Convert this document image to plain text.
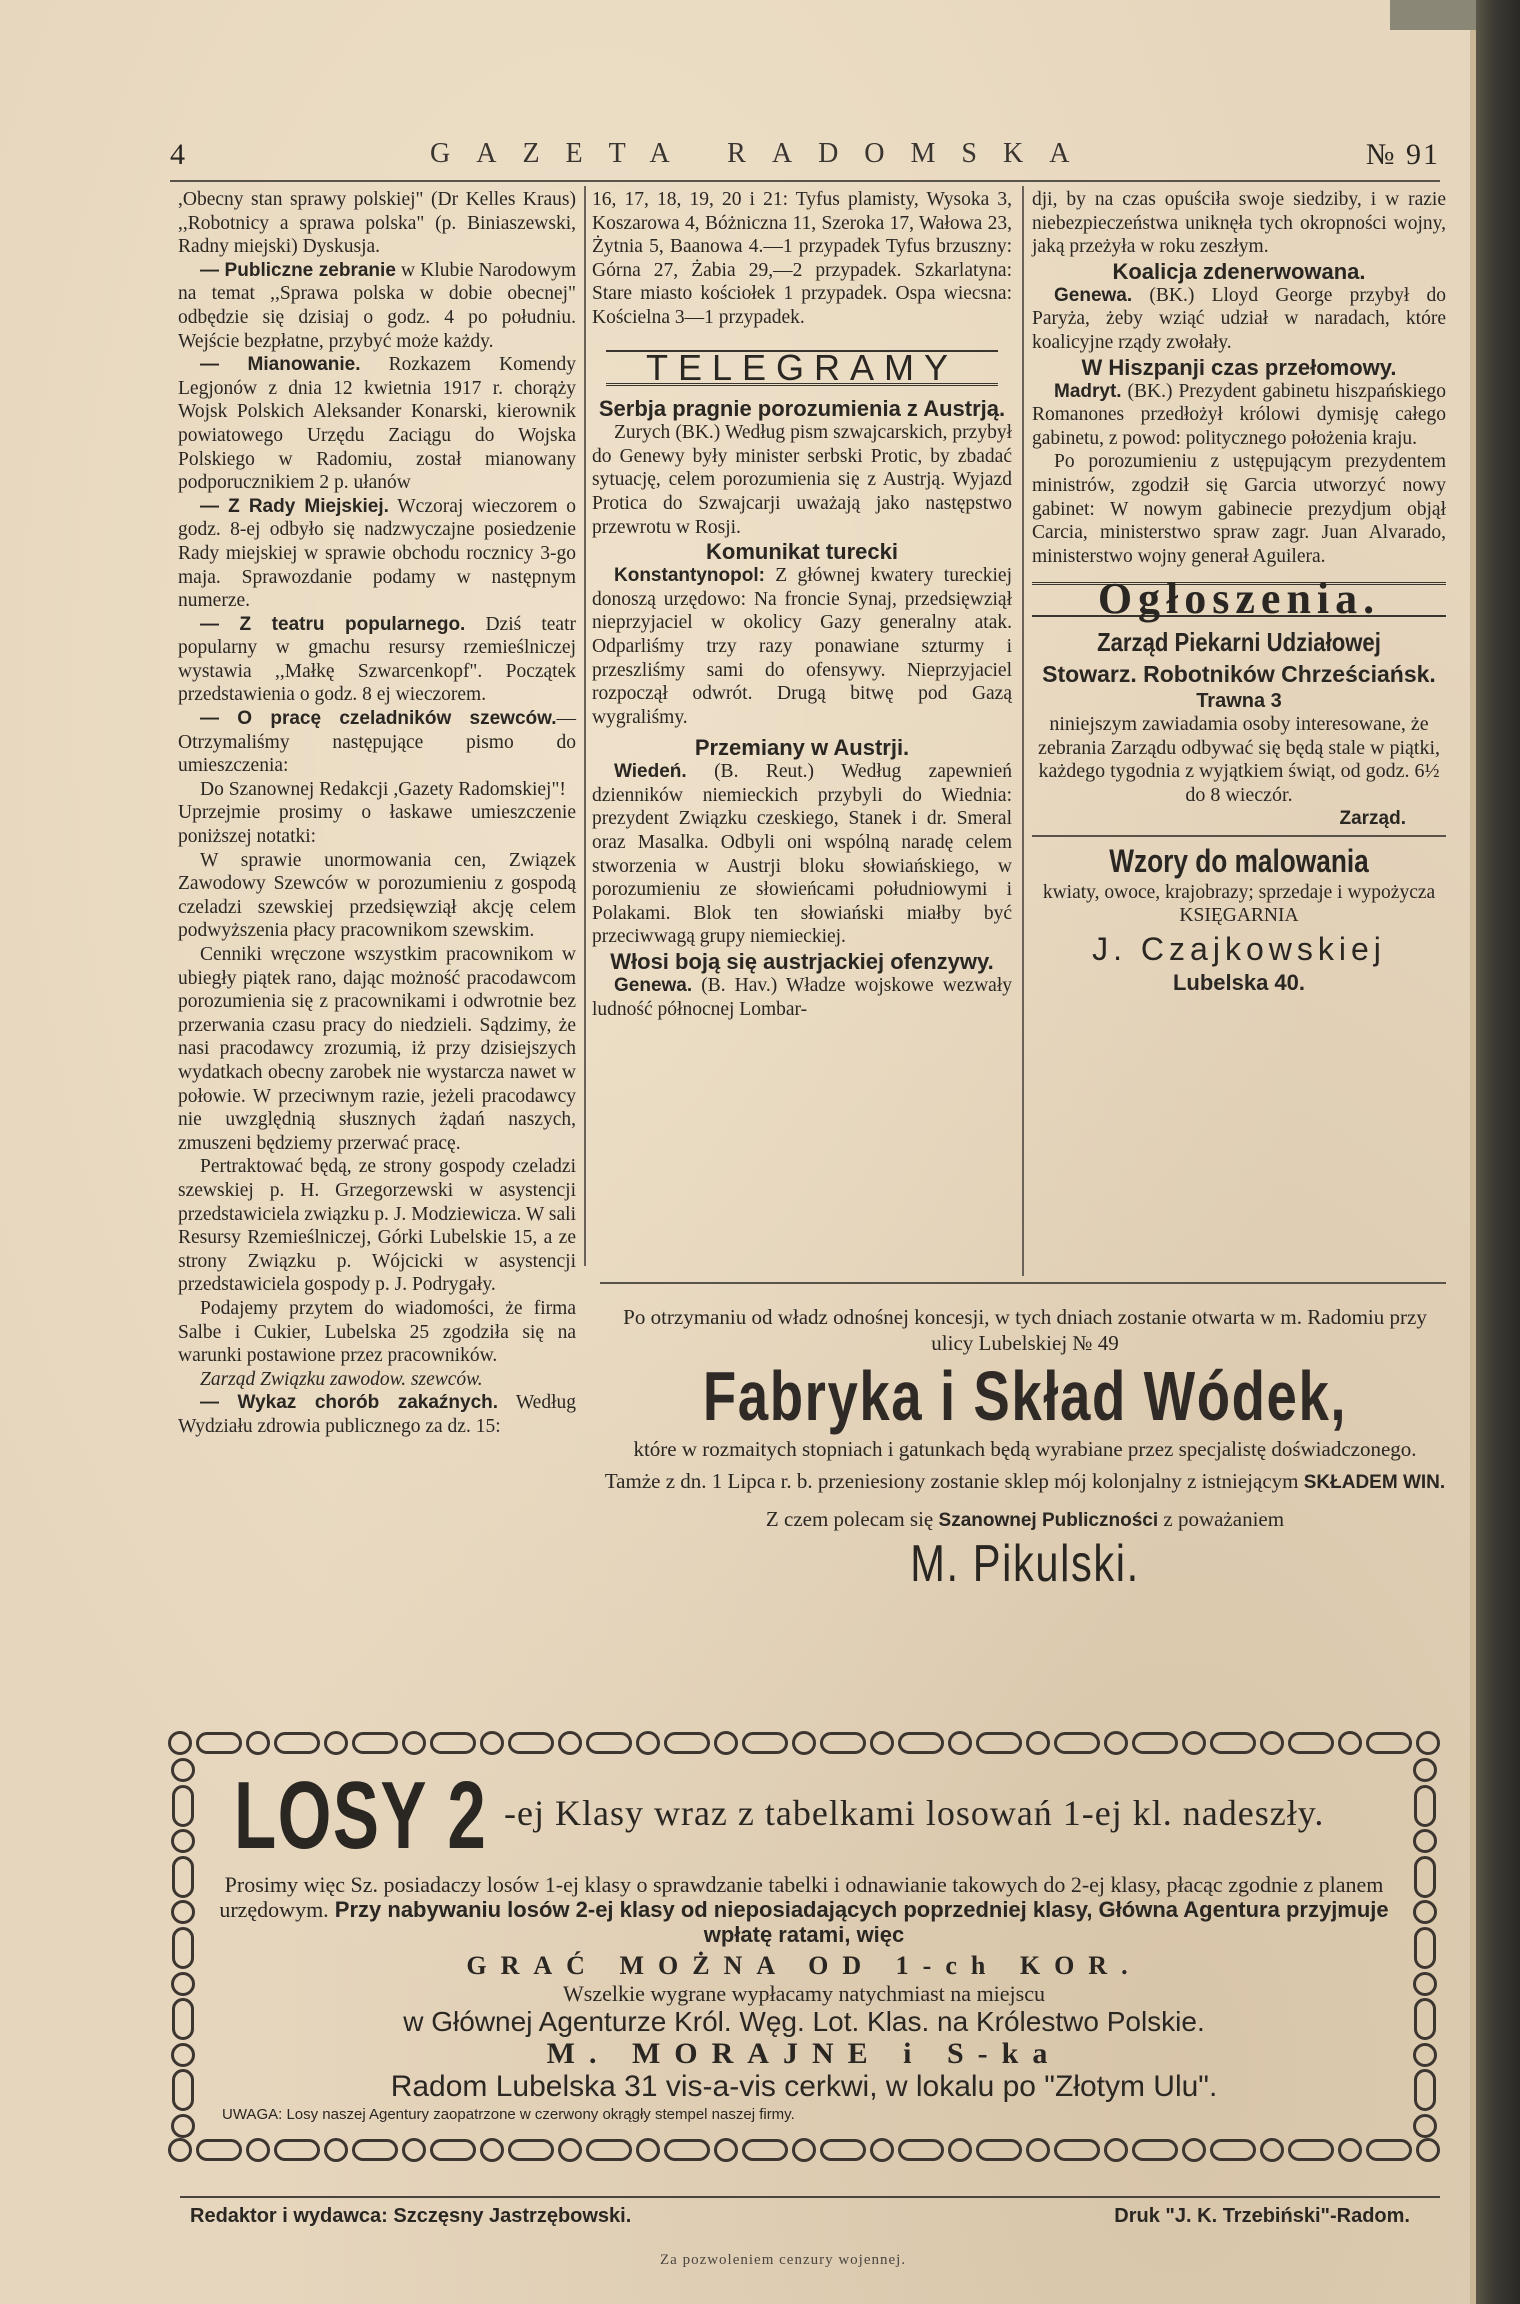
4	GAZETA RADOMSKA	№ 91

,Obecny stan sprawy polskiej" (Dr Kelles Kraus) ,,Robotnicy a sprawa polska" (p. Biniaszewski, Radny miejski) Dyskusja.

— Publiczne zebranie w Klubie Narodowym na temat ,,Sprawa polska w dobie obecnej" odbędzie się dzisiaj o godz. 4 po południu. Wejście bezpłatne, przybyć może każdy.

— Mianowanie. Rozkazem Komendy Legjonów z dnia 12 kwietnia 1917 r. chorąży Wojsk Polskich Aleksander Konarski, kierownik powiatowego Urzędu Zaciągu do Wojska Polskiego w Radomiu, został mianowany podporucznikiem 2 p. ułanów

— Z Rady Miejskiej. Wczoraj wieczorem o godz. 8-ej odbyło się nadzwyczajne posiedzenie Rady miejskiej w sprawie obchodu rocznicy 3-go maja. Sprawozdanie podamy w następnym numerze.

— Z teatru popularnego. Dziś teatr popularny w gmachu resursy rzemieślniczej wystawia ,,Małkę Szwarcenkopf". Początek przedstawienia o godz. 8 ej wieczorem.

— O pracę czeladników szewców.— Otrzymaliśmy następujące pismo do umieszczenia:

Do Szanownej Redakcji ,Gazety Radomskiej"!

Uprzejmie prosimy o łaskawe umieszczenie poniższej notatki:

W sprawie unormowania cen, Związek Zawodowy Szewców w porozumieniu z gospodą czeladzi szewskiej przedsięwziął akcję celem podwyższenia płacy pracownikom szewskim.

Cenniki wręczone wszystkim pracownikom w ubiegły piątek rano, dając możność pracodawcom porozumienia się z pracownikami i odwrotnie bez przerwania czasu pracy do niedzieli. Sądzimy, że nasi pracodawcy zrozumią, iż przy dzisiejszych wydatkach obecny zarobek nie wystarcza nawet w połowie. W przeciwnym razie, jeżeli pracodawcy nie uwzględnią słusznych żądań naszych, zmuszeni będziemy przerwać pracę.

Pertraktować będą, ze strony gospody czeladzi szewskiej p. H. Grzegorzewski w asystencji przedstawiciela związku p. J. Modziewicza. W sali Resursy Rzemieślniczej, Górki Lubelskie 15, a ze strony Związku p. Wójcicki w asystencji przedstawiciela gospody p. J. Podrygały.

Podajemy przytem do wiadomości, że firma Salbe i Cukier, Lubelska 25 zgodziła się na warunki postawione przez pracowników.

Zarząd Związku zawodow. szewców.

— Wykaz chorób zakaźnych. Według Wydziału zdrowia publicznego za dz. 15:

16, 17, 18, 19, 20 i 21: Tyfus plamisty, Wysoka 3, Koszarowa 4, Bóżniczna 11, Szeroka 17, Wałowa 23, Żytnia 5, Baanowa 4.—1 przypadek Tyfus brzuszny: Górna 27, Żabia 29,—2 przypadek. Szkarlatyna: Stare miasto kościołek 1 przypadek. Ospa wiecsna: Kościelna 3—1 przypadek.

TELEGRAMY
Serbja pragnie porozumienia z Austrją.

Zurych (BK.) Według pism szwajcarskich, przybył do Genewy były minister serbski Protic, by zbadać sytuację, celem porozumienia się z Austrją. Wyjazd Protica do Szwajcarji uważają jako następstwo przewrotu w Rosji.

Komunikat turecki

Konstantynopol: Z głównej kwatery tureckiej donoszą urzędowo: Na froncie Synaj, przedsięwziął nieprzyjaciel w okolicy Gazy generalny atak. Odparliśmy trzy razy ponawiane szturmy i przeszliśmy sami do ofensywy. Nieprzyjaciel rozpoczął odwrót. Drugą bitwę pod Gazą wygraliśmy.

Przemiany w Austrji.

Wiedeń. (B. Reut.) Według zapewnień dzienników niemieckich przybyli do Wiednia: prezydent Związku czeskiego, Stanek i dr. Smeral oraz Masalka. Odbyli oni wspólną naradę celem stworzenia w Austrji bloku słowiańskiego, w porozumieniu ze słowieńcami południowymi i Polakami. Blok ten słowiański miałby być przeciwwagą grupy niemieckiej.

Włosi boją się austrjackiej ofenzywy.

Genewa. (B. Hav.) Władze wojskowe wezwały ludność północnej Lombar-

dji, by na czas opuściła swoje siedziby, i w razie niebezpieczeństwa uniknęła tych okropności wojny, jaką przeżyła w roku zeszłym.

Koalicja zdenerwowana.

Genewa. (BK.) Lloyd George przybył do Paryża, żeby wziąć udział w naradach, które koalicyjne rządy zwołały.

W Hiszpanji czas przełomowy.

Madryt. (BK.) Prezydent gabinetu hiszpańskiego Romanones przedłożył królowi dymisję całego gabinetu, z powod: politycznego położenia kraju.

Po porozumieniu z ustępującym prezydentem ministrów, zgodził się Garcia utworzyć nowy gabinet: W nowym gabinecie prezydjum objął Carcia, ministerstwo spraw zagr. Juan Alvarado, ministerstwo wojny generał Aguilera.

Ogłoszenia.
Zarząd Piekarni Udziałowej
Stowarz. Robotników Chrześciańsk.
Trawna 3

niniejszym zawiadamia osoby interesowane, że zebrania Zarządu odbywać się będą stale w piątki, każdego tygodnia z wyjątkiem świąt, od godz. 6½ do 8 wieczór.

Zarząd.

Wzory do malowania

kwiaty, owoce, krajobrazy; sprzedaje i wypożycza

KSIĘGARNIA

J. Czajkowskiej
Lubelska 40.

Po otrzymaniu od władz odnośnej koncesji, w tych dniach zostanie otwarta w m. Radomiu przy ulicy Lubelskiej № 49

Fabryka i Skład Wódek,

które w rozmaitych stopniach i gatunkach będą wyrabiane przez specjalistę doświadczonego.

Tamże z dn. 1 Lipca r. b. przeniesiony zostanie sklep mój kolonjalny z istniejącym SKŁADEM WIN.

Z czem polecam się Szanownej Publiczności z poważaniem

M. Pikulski.
LOSY 2 -ej Klasy wraz z tabelkami losowań 1-ej kl. nadeszły.

Prosimy więc Sz. posiadaczy losów 1-ej klasy o sprawdzanie tabelki i odnawianie takowych do 2-ej klasy, płacąc zgodnie z planem urzędowym. Przy nabywaniu losów 2-ej klasy od nieposiadających poprzedniej klasy, Główna Agentura przyjmuje wpłatę ratami, więc

GRAĆ MOŻNA OD 1-ch KOR.

Wszelkie wygrane wypłacamy natychmiast na miejscu

w Głównej Agenturze Król. Węg. Lot. Klas. na Królestwo Polskie.

M. MORAJNE i S-ka

Radom Lubelska 31 vis-a-vis cerkwi, w lokalu po "Złotym Ulu".

UWAGA: Losy naszej Agentury zaopatrzone w czerwony okrągły stempel naszej firmy.

Redaktor i wydawca: Szczęsny Jastrzębowski.	Druk "J. K. Trzebiński"-Radom.
Za pozwoleniem cenzury wojennej.
